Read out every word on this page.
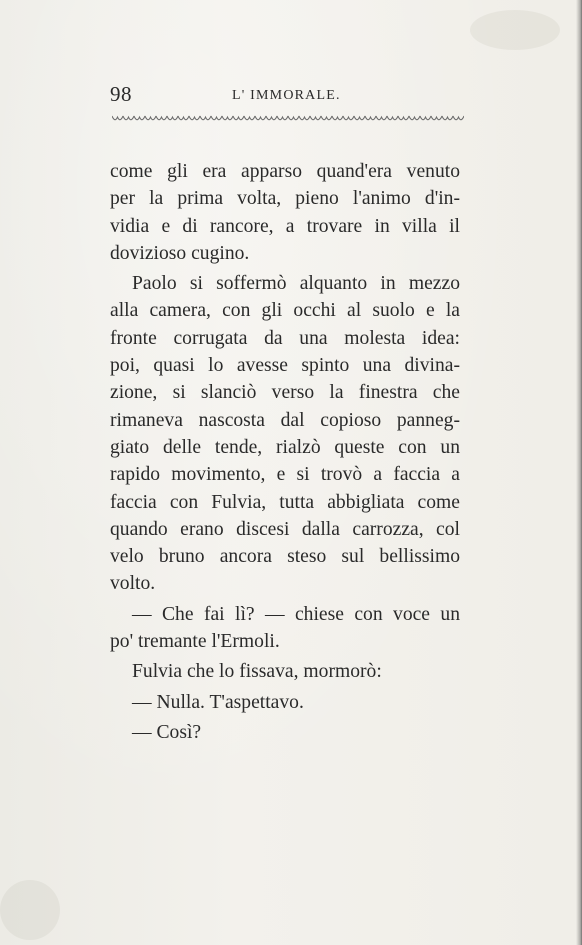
98	L' IMMORALE.
come gli era apparso quand'era venuto
per la prima volta, pieno l'animo d'in-
vidia e di rancore, a trovare in villa il
dovizioso cugino.
Paolo si soffermò alquanto in mezzo
alla camera, con gli occhi al suolo e la
fronte corrugata da una molesta idea:
poi, quasi lo avesse spinto una divina-
zione, si slanciò verso la finestra che
rimaneva nascosta dal copioso panneg-
giato delle tende, rialzò queste con un
rapido movimento, e si trovò a faccia a
faccia con Fulvia, tutta abbigliata come
quando erano discesi dalla carrozza, col
velo bruno ancora steso sul bellissimo
volto.
— Che fai lì? — chiese con voce un
po' tremante l'Ermoli.
Fulvia che lo fissava, mormorò:
— Nulla. T'aspettavo.
— Così?
